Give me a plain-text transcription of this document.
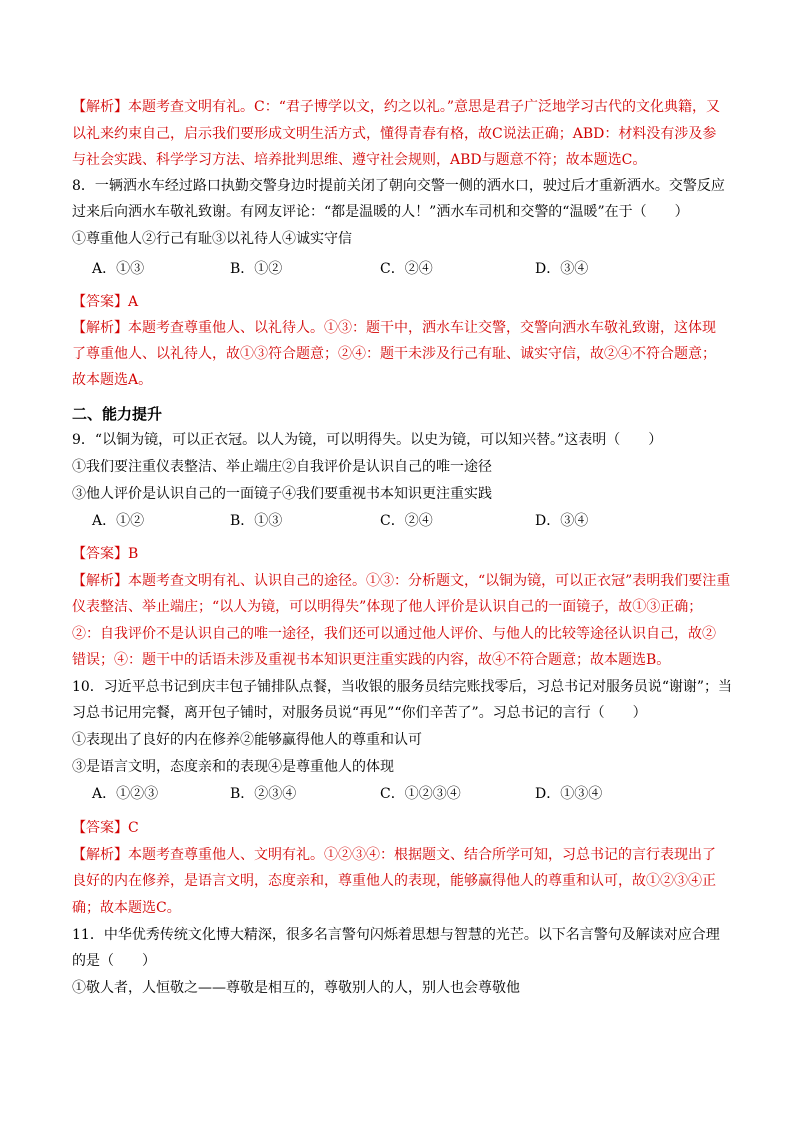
【解析】本题考查文明有礼。C：“君子博学以文，约之以礼。”意思是君子广泛地学习古代的文化典籍，又
以礼来约束自己，启示我们要形成文明生活方式，懂得青春有格，故C说法正确；ABD：材料没有涉及参
与社会实践、科学学习方法、培养批判思维、遵守社会规则，ABD与题意不符；故本题选C。
8．一辆洒水车经过路口执勤交警身边时提前关闭了朝向交警一侧的洒水口，驶过后才重新洒水。交警反应
过来后向洒水车敬礼致谢。有网友评论：“都是温暖的人！”洒水车司机和交警的“温暖”在于（　　）
①尊重他人②行己有耻③以礼待人④诚实守信
A．①③	B．①②	C．②④	D．③④
【答案】A
【解析】本题考查尊重他人、以礼待人。①③：题干中，洒水车让交警，交警向洒水车敬礼致谢，这体现
了尊重他人、以礼待人，故①③符合题意；②④：题干未涉及行己有耻、诚实守信，故②④不符合题意；
故本题选A。
二、能力提升
9．“以铜为镜，可以正衣冠。以人为镜，可以明得失。以史为镜，可以知兴替。”这表明（　　）
①我们要注重仪表整洁、举止端庄②自我评价是认识自己的唯一途径
③他人评价是认识自己的一面镜子④我们要重视书本知识更注重实践
A．①②	B．①③	C．②④	D．③④
【答案】B
【解析】本题考查文明有礼、认识自己的途径。①③：分析题文，“以铜为镜，可以正衣冠”表明我们要注重
仪表整洁、举止端庄；“以人为镜，可以明得失”体现了他人评价是认识自己的一面镜子，故①③正确；
②：自我评价不是认识自己的唯一途径，我们还可以通过他人评价、与他人的比较等途径认识自己，故②
错误；④：题干中的话语未涉及重视书本知识更注重实践的内容，故④不符合题意；故本题选B。
10．习近平总书记到庆丰包子铺排队点餐，当收银的服务员结完账找零后，习总书记对服务员说“谢谢”；当
习总书记用完餐，离开包子铺时，对服务员说“再见”“你们辛苦了”。习总书记的言行（　　）
①表现出了良好的内在修养②能够赢得他人的尊重和认可
③是语言文明，态度亲和的表现④是尊重他人的体现
A．①②③	B．②③④	C．①②③④	D．①③④
【答案】C
【解析】本题考查尊重他人、文明有礼。①②③④：根据题文、结合所学可知，习总书记的言行表现出了
良好的内在修养，是语言文明，态度亲和，尊重他人的表现，能够赢得他人的尊重和认可，故①②③④正
确；故本题选C。
11．中华优秀传统文化博大精深，很多名言警句闪烁着思想与智慧的光芒。以下名言警句及解读对应合理
的是（　　）
①敬人者，人恒敬之——尊敬是相互的，尊敬别人的人，别人也会尊敬他
